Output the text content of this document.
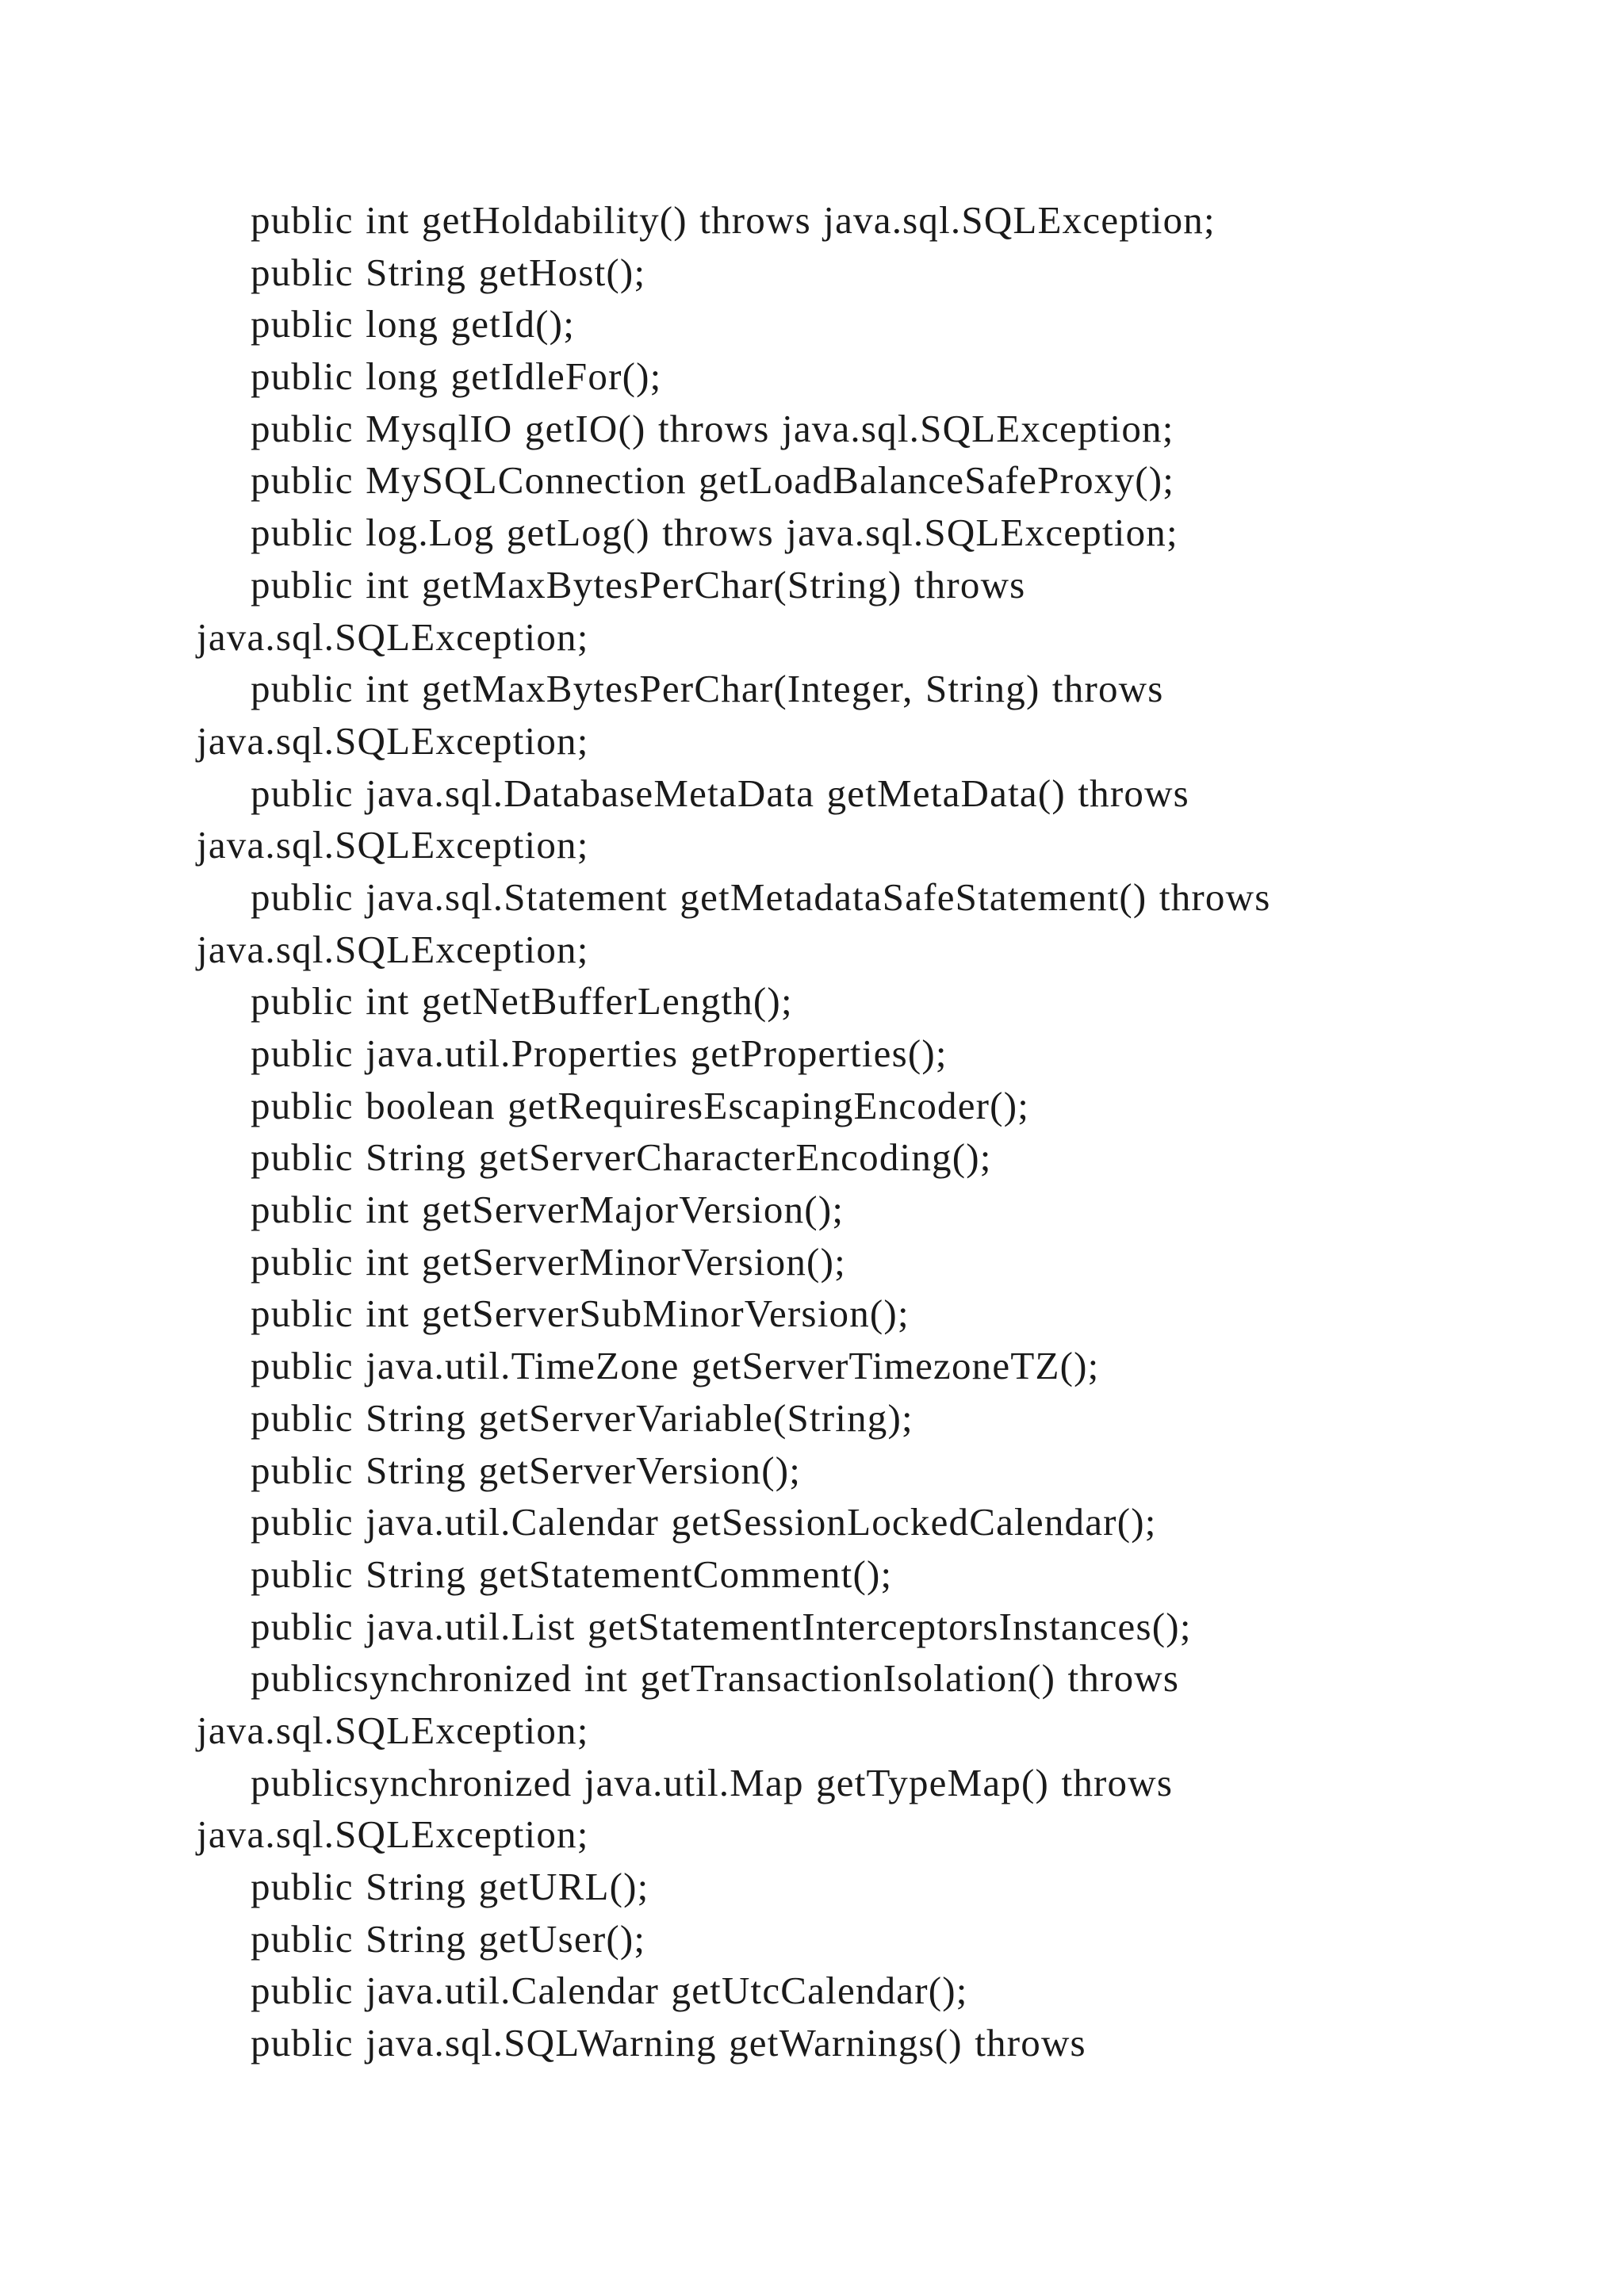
public int getHoldability() throws java.sql.SQLException;
public String getHost();
public long getId();
public long getIdleFor();
public MysqlIO getIO() throws java.sql.SQLException;
public MySQLConnection getLoadBalanceSafeProxy();
public log.Log getLog() throws java.sql.SQLException;
public int getMaxBytesPerChar(String) throws
java.sql.SQLException;
public int getMaxBytesPerChar(Integer, String) throws
java.sql.SQLException;
public java.sql.DatabaseMetaData getMetaData() throws
java.sql.SQLException;
public java.sql.Statement getMetadataSafeStatement() throws
java.sql.SQLException;
public int getNetBufferLength();
public java.util.Properties getProperties();
public boolean getRequiresEscapingEncoder();
public String getServerCharacterEncoding();
public int getServerMajorVersion();
public int getServerMinorVersion();
public int getServerSubMinorVersion();
public java.util.TimeZone getServerTimezoneTZ();
public String getServerVariable(String);
public String getServerVersion();
public java.util.Calendar getSessionLockedCalendar();
public String getStatementComment();
public java.util.List getStatementInterceptorsInstances();
publicsynchronized int getTransactionIsolation() throws
java.sql.SQLException;
publicsynchronized java.util.Map getTypeMap() throws
java.sql.SQLException;
public String getURL();
public String getUser();
public java.util.Calendar getUtcCalendar();
public java.sql.SQLWarning getWarnings() throws
